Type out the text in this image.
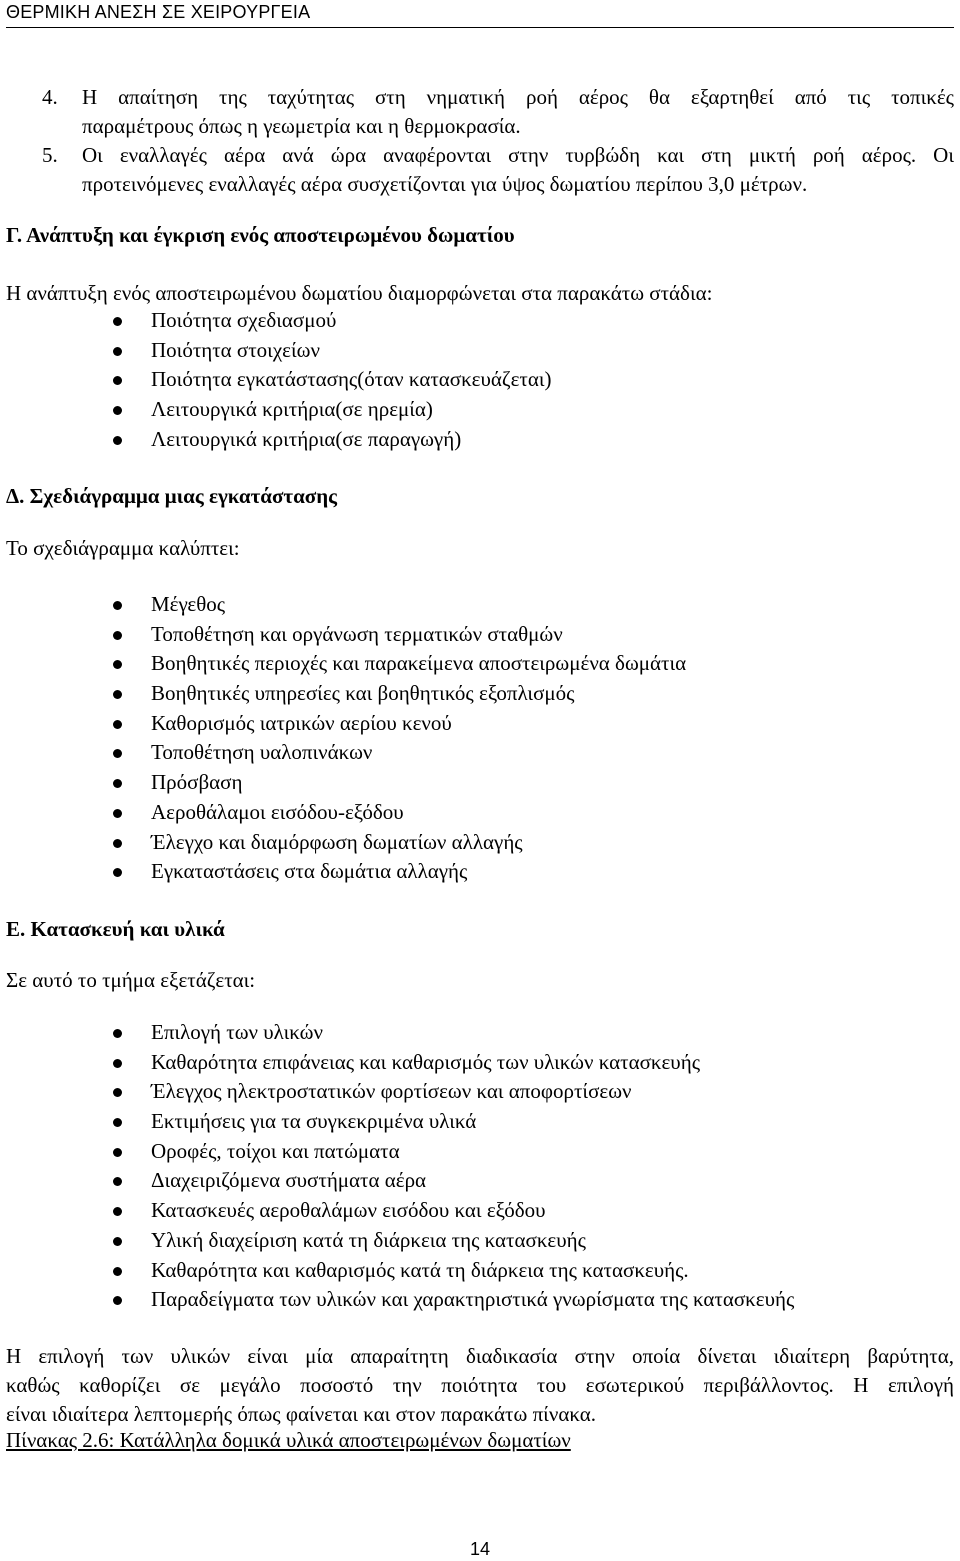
ΘΕΡΜΙΚΗ ΑΝΕΣΗ ΣΕ ΧΕΙΡΟΥΡΓΕΙΑ
4. Η απαίτηση της ταχύτητας στη νηματική ροή αέρος θα εξαρτηθεί από τις τοπικές
παραμέτρους όπως η γεωμετρία και η θερμοκρασία.
5. Οι εναλλαγές αέρα ανά ώρα αναφέρονται στην τυρβώδη και στη μικτή ροή αέρος. Οι
προτεινόμενες εναλλαγές αέρα συσχετίζονται για ύψος δωματίου περίπου 3,0 μέτρων.
Γ. Ανάπτυξη και έγκριση ενός αποστειρωμένου δωματίου
Η ανάπτυξη ενός αποστειρωμένου δωματίου διαμορφώνεται στα παρακάτω στάδια:
Ποιότητα σχεδιασμού
Ποιότητα στοιχείων
Ποιότητα εγκατάστασης(όταν κατασκευάζεται)
Λειτουργικά κριτήρια(σε ηρεμία)
Λειτουργικά κριτήρια(σε παραγωγή)
Δ. Σχεδιάγραμμα μιας εγκατάστασης
Το σχεδιάγραμμα καλύπτει:
Μέγεθος
Τοποθέτηση και οργάνωση τερματικών σταθμών
Βοηθητικές περιοχές και παρακείμενα αποστειρωμένα δωμάτια
Βοηθητικές υπηρεσίες και βοηθητικός εξοπλισμός
Καθορισμός ιατρικών αερίου κενού
Τοποθέτηση υαλοπινάκων
Πρόσβαση
Αεροθάλαμοι εισόδου-εξόδου
Έλεγχο και διαμόρφωση δωματίων αλλαγής
Εγκαταστάσεις στα δωμάτια αλλαγής
Ε. Κατασκευή και υλικά
Σε αυτό το τμήμα εξετάζεται:
Επιλογή των υλικών
Καθαρότητα επιφάνειας και καθαρισμός των υλικών κατασκευής
Έλεγχος ηλεκτροστατικών φορτίσεων και αποφορτίσεων
Εκτιμήσεις για τα συγκεκριμένα υλικά
Οροφές, τοίχοι και πατώματα
Διαχειριζόμενα συστήματα αέρα
Κατασκευές αεροθαλάμων εισόδου και εξόδου
Υλική διαχείριση κατά τη διάρκεια της κατασκευής
Καθαρότητα και καθαρισμός κατά τη διάρκεια της κατασκευής.
Παραδείγματα των υλικών και χαρακτηριστικά γνωρίσματα της κατασκευής
Η επιλογή των υλικών είναι μία απαραίτητη διαδικασία στην οποία δίνεται ιδιαίτερη βαρύτητα,
καθώς καθορίζει σε μεγάλο ποσοστό την ποιότητα του εσωτερικού περιβάλλοντος. Η επιλογή
είναι ιδιαίτερα λεπτομερής όπως φαίνεται και στον παρακάτω πίνακα.
Πίνακας 2.6: Κατάλληλα δομικά υλικά αποστειρωμένων δωματίων
14
